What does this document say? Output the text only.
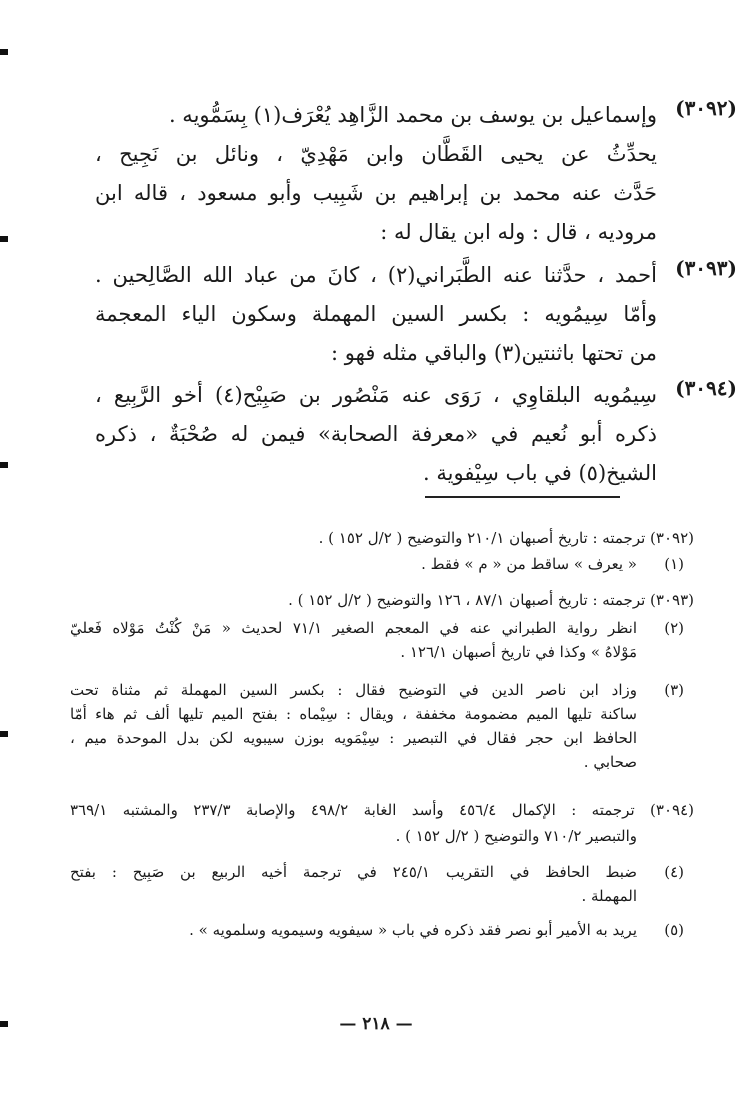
(٣٠٩٢)
وإسماعيل بن يوسف بن محمد الزَّاهِد يُعْرَف(١) بِسَمُّويه .
يحدِّثُ عن يحيى القَطَّان وابن مَهْدِيّ ، ونائل بن نَجِيح ،
حَدَّث عنه محمد بن إبراهيم بن شَبِيب وأبو مسعود ، قاله ابن
مروديه ، قال : وله ابن يقال له :
(٣٠٩٣)
أحمد ، حدَّثنا عنه الطَّبَراني(٢) ، كانَ من عباد الله الصَّالِحين .
وأمّا سِيمُويه : بكسر السين المهملة وسكون الياء المعجمة
من تحتها باثنتين(٣) والباقي مثله فهو :
(٣٠٩٤)
سِيمُويه البلقاوِي ، رَوَى عنه مَنْصُور بن صَبِيْح(٤) أخو الرَّبِيع ،
ذكره أبو نُعيم في «معرفة الصحابة» فيمن له صُحْبَةٌ ، ذكره
الشيخ(٥) في باب سِيْفوية .
(٣٠٩٢) ترجمته : تاريخ أصبهان ٢١٠/١ والتوضيح ( ٢/ل ١٥٢ ) .
(١)
« يعرف » ساقط من « م » فقط .
(٣٠٩٣) ترجمته : تاريخ أصبهان ٨٧/١ ، ١٢٦ والتوضيح ( ٢/ل ١٥٢ ) .
(٢)
انظر رواية الطبراني عنه في المعجم الصغير ٧١/١ لحديث « مَنْ كُنْتُ مَوْلاه فَعليّ
مَوْلاهُ » وكذا في تاريخ أصبهان ١٢٦/١ .
(٣)
وزاد ابن ناصر الدين في التوضيح فقال : بكسر السين المهملة ثم مثناة تحت
ساكنة تليها الميم مضمومة مخففة ، ويقال : سِيْماه : بفتح الميم تليها ألف ثم هاء أمّا
الحافظ ابن حجر فقال في التبصير : سِيْمَويه بوزن سيبويه لكن بدل الموحدة ميم ،
صحابي .
(٣٠٩٤) ترجمته : الإكمال ٤٥٦/٤ وأسد الغابة ٤٩٨/٢ والإصابة ٢٣٧/٣ والمشتبه ٣٦٩/١
والتبصير ٧١٠/٢ والتوضيح ( ٢/ل ١٥٢ ) .
(٤)
ضبط الحافظ في التقريب ٢٤٥/١ في ترجمة أخيه الربيع بن صَبِيح : بفتح
المهملة .
(٥)
يريد به الأمير أبو نصر فقد ذكره في باب « سيفويه وسيمويه وسلمويه » .
— ٢١٨ —
